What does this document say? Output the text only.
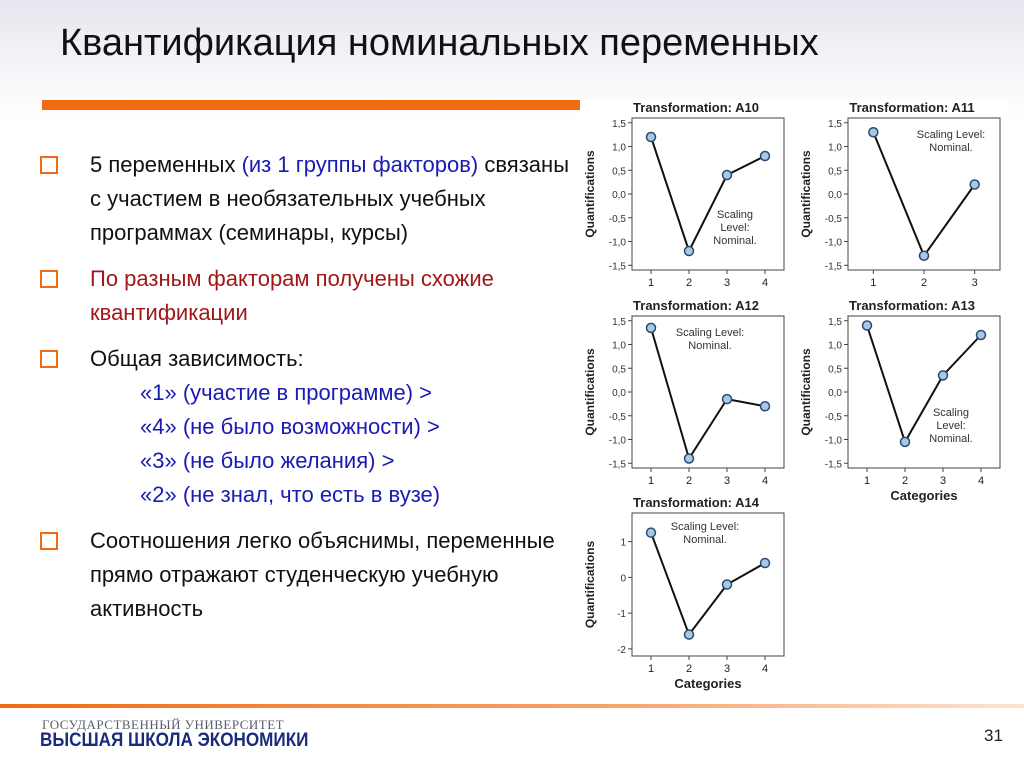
Квантификация номинальных переменных
5 переменных (из 1 группы факторов) связаны с участием в необязательных учебных программах (семинары, курсы)
По разным факторам получены схожие квантификации
Общая зависимость:
«1» (участие в программе) >
«4» (не было возможности) >
«3» (не было желания) >
«2» (не знал, что есть в вузе)
Соотношения легко объяснимы, переменные прямо отражают студенческую учебную активность
Transformation: A10
1,5
1,0
0,5
0,0
-0,5
-1,0
-1,5
Quantifications
1	2	3	4
Scaling Level: Nominal.
Transformation: A11
1,5
1,0
0,5
0,0
-0,5
-1,0
-1,5
Quantifications
1	2	3
Scaling Level: Nominal.
Transformation: A12
1,5
1,0
0,5
0,0
-0,5
-1,0
-1,5
Quantifications
1	2	3	4
Scaling Level: Nominal.
Transformation: A13
1,5
1,0
0,5
0,0
-0,5
-1,0
-1,5
Quantifications
1	2	3	4
Categories
Scaling Level: Nominal.
Transformation: A14
1
0
-1
-2
Quantifications
1	2	3	4
Categories
Scaling Level: Nominal.
ГОСУДАРСТВЕННЫЙ УНИВЕРСИТЕТ
ВЫСШАЯ ШКОЛА ЭКОНОМИКИ	31
